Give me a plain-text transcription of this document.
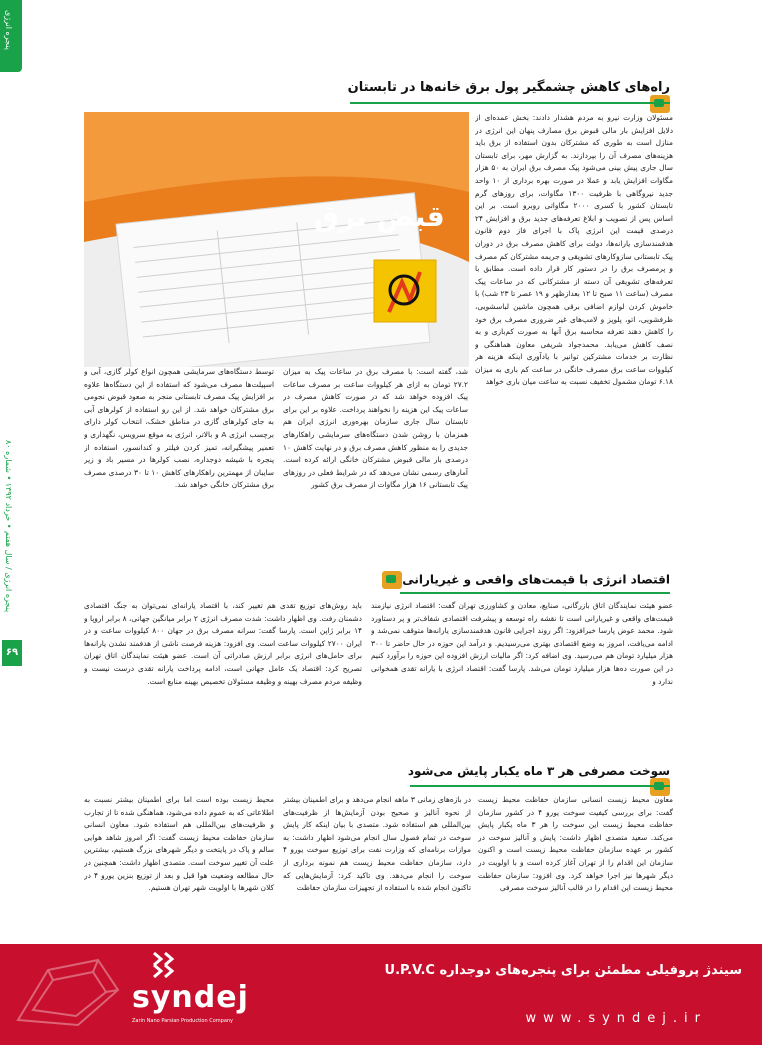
پنجره انرژی
پنجره انرژی / سال هفتم • خرداد ۱۳۹۲ • شماره ۸۰
۶۹
راه‌های کاهش چشمگیر پول برق خانه‌ها در تابستان
قبض برق
مسئولان وزارت نیرو به مردم هشدار دادند: بخش عمده‌ای از دلایل افزایش بار مالی قبوض برق مصارف پنهان این انرژی در منازل است به طوری که مشترکان بدون استفاده از برق باید هزینه‌های مصرف آن را بپردازند. به گزارش مهر، برای تابستان سال جاری پیش بینی می‌شود پیک مصرف برق ایران به ۵۰ هزار مگاوات افزایش یابد و عملا در صورت بهره برداری از ۱۰ واحد جدید نیروگاهی با ظرفیت ۱۳۰۰ مگاوات، برای روزهای گرم تابستان کشور با کسری ۲۰۰۰ مگاواتی روبرو است. بر این اساس پس از تصویب و ابلاغ تعرفه‌های جدید برق و افزایش ۲۴ درصدی قیمت این انرژی پاک با اجرای فاز دوم قانون هدفمندسازی یارانه‌ها، دولت برای کاهش مصرف برق در دوران پیک تابستانی سازوکارهای تشویقی و جریمه مشترکان کم مصرف و پرمصرف برق را در دستور کار قرار داده است. مطابق با تعرفه‌های تشویقی آن دسته از مشترکانی که در ساعات پیک مصرف (ساعت ۱۱ صبح تا ۱۲ بعدازظهر و ۱۹ عصر تا ۲۳ شب) با خاموش کردن لوازم اضافی برقی همچون ماشین لباسشویی، ظرفشویی، اتو، پلوپز و لامپ‌های غیر ضروری مصرف برق خود را کاهش دهند تعرفه محاسبه برق آنها به صورت کم‌بازی و به نصف کاهش می‌یابد. محمدجواد شریفی معاون هماهنگی و نظارت بر خدمات مشترکین توانیر با یادآوری اینکه هزینه هر کیلووات ساعت برق مصرف خانگی در ساعت کم باری به میزان ۶.۱۸ تومان مشمول تخفیف نسبت به ساعت میان باری خواهد
شد، گفته است: با مصرف برق در ساعات پیک به میزان ۲۷.۲ تومان به ازای هر کیلووات ساعت بر مصرف ساعات پیک افزوده خواهد شد که در صورت کاهش مصرف در ساعات پیک این هزینه را نخواهند پرداخت. علاوه بر این برای تابستان سال جاری سازمان بهره‌وری انرژی ایران هم همزمان با روشن شدن دستگاه‌های سرمایشی راهکارهای جدیدی را به منظور کاهش مصرف برق و در نهایت کاهش ۱۰ درصدی بار مالی قبوض مشترکان خانگی ارائه کرده است. آمارهای رسمی نشان می‌دهد که در شرایط فعلی در روزهای پیک تابستانی ۱۶ هزار مگاوات از مصرف برق کشور
توسط دستگاه‌های سرمایشی همچون انواع کولر گازی، آبی و اسپیلت‌ها مصرف می‌شود که استفاده از این دستگاه‌ها علاوه بر افزایش پیک مصرف تابستانی منجر به صعود قبوض نجومی برق مشترکان خواهد شد. از این رو استفاده از کولرهای آبی به جای کولرهای گازی در مناطق خشک، انتخاب کولر دارای برچسب انرژی A و بالاتر، انرژی به موقع سرویس، نگهداری و تعمیر پیشگیرانه، تمیز کردن فیلتر و کندانسور، استفاده از پنجره با شیشه دوجداره، نصب کولرها در مسیر باد و زیر سایبان از مهمترین راهکارهای کاهش ۱۰ تا ۳۰ درصدی مصرف برق مشترکان خانگی خواهد شد.
اقتصاد انرژی با قیمت‌های واقعی و غیریارانی
عضو هیئت نمایندگان اتاق بازرگانی، صنایع، معادن و کشاورزی تهران گفت: اقتصاد انرژی نیازمند قیمت‌های واقعی و غیریارانی است تا نقشه راه توسعه و پیشرفت اقتصادی شفاف‌تر و پر دستاورد شود. محمد عوض پارسا خبرافزود: اگر روند اجرایی قانون هدفمندسازی یارانه‌ها متوقف نمی‌شد و ادامه می‌یافت، امروز به وضع اقتصادی بهتری می‌رسیدیم. و درآمد این حوزه در حال حاضر تا ۳۰۰ هزار میلیارد تومان هم می‌رسید. وی اضافه کرد: اگر مالیات ارزش افزوده این حوزه را برآورد کنیم در این صورت ده‌ها هزار میلیارد تومان می‌شد. پارسا گفت: اقتصاد انرژی با یارانه تقدی همخوانی ندارد و
باید روش‌های توزیع تقدی هم تغییر کند، با اقتصاد یارانه‌ای نمی‌توان به جنگ اقتصادی دشمنان رفت. وی اظهار داشت: شدت مصرف انرژی ۲ برابر میانگین جهانی، ۸ برابر اروپا و ۱۴ برابر ژاپن است. پارسا گفت: سرانه مصرف برق در جهان ۸۰۰ کیلووات ساعت و در ایران ۲۷۰۰ کیلووات ساعت است. وی افزود: هزینه فرصت ناشی از هدفمند نشدن یارانه‌ها برای حامل‌های انرژی برابر ارزش صادراتی آن است. عضو هیئت نمایندگان اتاق تهران تصریح کرد: اقتصاد یک عامل جهانی است، ادامه پرداخت یارانه تقدی درست نیست و وظیفه مردم مصرف بهینه و وظیفه مسئولان تخصیص بهینه منابع است.
سوخت مصرفی هر ۳ ماه یکبار پایش می‌شود
معاون محیط زیست انسانی سازمان حفاظت محیط زیست گفت: برای بررسی کیفیت سوخت یورو ۴ در کشور سازمان حفاظت محیط زیست این سوخت را هر ۳ ماه یکبار پایش می‌کند. سعید متصدی اظهار داشت: پایش و آنالیز سوخت در کشور بر عهده سازمان حفاظت محیط زیست است و اکنون سازمان این اقدام را از تهران آغاز کرده است و با اولویت در دیگر شهرها نیز اجرا خواهد کرد. وی افزود: سازمان حفاظت محیط زیست این اقدام را در قالب آنالیز سوخت مصرفی
در بازه‌های زمانی ۳ ماهه انجام می‌دهد و برای اطمینان بیشتر از نحوه آنالیز و صحیح بودن آزمایش‌ها از ظرفیت‌های بین‌المللی هم استفاده شود. متصدی با بیان اینکه کار پایش سوخت در تمام فصول سال انجام می‌شود اظهار داشت: به موازات برنامه‌ای که وزارت نفت برای توزیع سوخت یورو ۴ دارد، سازمان حفاظت محیط زیست هم نمونه برداری از سوخت را انجام می‌دهد. وی تاکید کرد: آزمایش‌هایی که تاکنون انجام شده با استفاده از تجهیزات سازمان حفاظت
محیط زیست بوده است اما برای اطمینان بیشتر نسبت به اطلاعاتی که به عموم داده می‌شود، هماهنگی شده تا از تجارب و ظرفیت‌های بین‌المللی هم استفاده شود. معاون انسانی سازمان حفاظت محیط زیست گفت: اگر امروز شاهد هوایی سالم و پاک در پایتخت و دیگر شهرهای بزرگ هستیم، بیشترین علت آن تغییر سوخت است. متصدی اظهار داشت: همچنین در حال مطالعه وضعیت هوا قبل و بعد از توزیع بنزین یورو ۴ در کلان شهرها با اولویت شهر تهران هستیم.
syndej
Zarin Nano Parsian Production Company
سیندژ پروفیلی مطمئن برای پنجره‌های دوجداره U.P.V.C
www.syndej.ir
